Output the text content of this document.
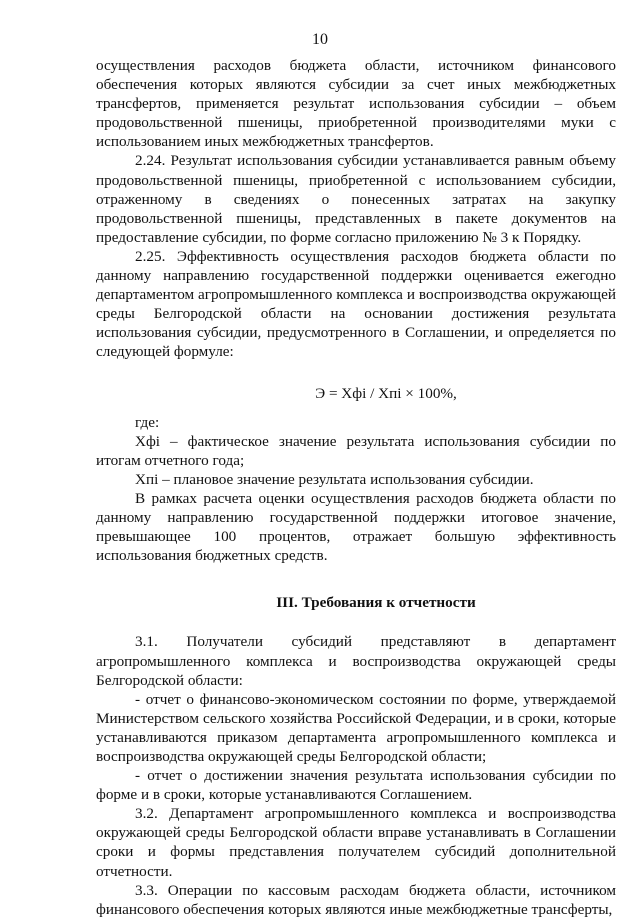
10

осуществления расходов бюджета области, источником финансового обеспечения которых являются субсидии за счет иных межбюджетных трансфертов, применяется результат использования субсидии – объем продовольственной пшеницы, приобретенной производителями муки с использованием иных межбюджетных трансфертов.

2.24. Результат использования субсидии устанавливается равным объему продовольственной пшеницы, приобретенной с использованием субсидии, отраженному в сведениях о понесенных затратах на закупку продовольственной пшеницы, представленных в пакете документов на предоставление субсидии, по форме согласно приложению № 3 к Порядку.

2.25. Эффективность осуществления расходов бюджета области по данному направлению государственной поддержки оценивается ежегодно департаментом агропромышленного комплекса и воспроизводства окружающей среды Белгородской области на основании достижения результата использования субсидии, предусмотренного в Соглашении, и определяется по следующей формуле:

Э = Xфi / Xпi × 100%,

где:

Xфi – фактическое значение результата использования субсидии по итогам отчетного года;

Xпi – плановое значение результата использования субсидии.

В рамках расчета оценки осуществления расходов бюджета области по данному направлению государственной поддержки итоговое значение, превышающее 100 процентов, отражает большую эффективность использования бюджетных средств.

III. Требования к отчетности

3.1. Получатели субсидий представляют в департамент агропромышленного комплекса и воспроизводства окружающей среды Белгородской области:

- отчет о финансово-экономическом состоянии по форме, утверждаемой Министерством сельского хозяйства Российской Федерации, и в сроки, которые устанавливаются приказом департамента агропромышленного комплекса и воспроизводства окружающей среды Белгородской области;

- отчет о достижении значения результата использования субсидии по форме и в сроки, которые устанавливаются Соглашением.

3.2. Департамент агропромышленного комплекса и воспроизводства окружающей среды Белгородской области вправе устанавливать в Соглашении сроки и формы представления получателем субсидий дополнительной отчетности.

3.3. Операции по кассовым расходам бюджета области, источником финансового обеспечения которых являются иные межбюджетные трансферты,
